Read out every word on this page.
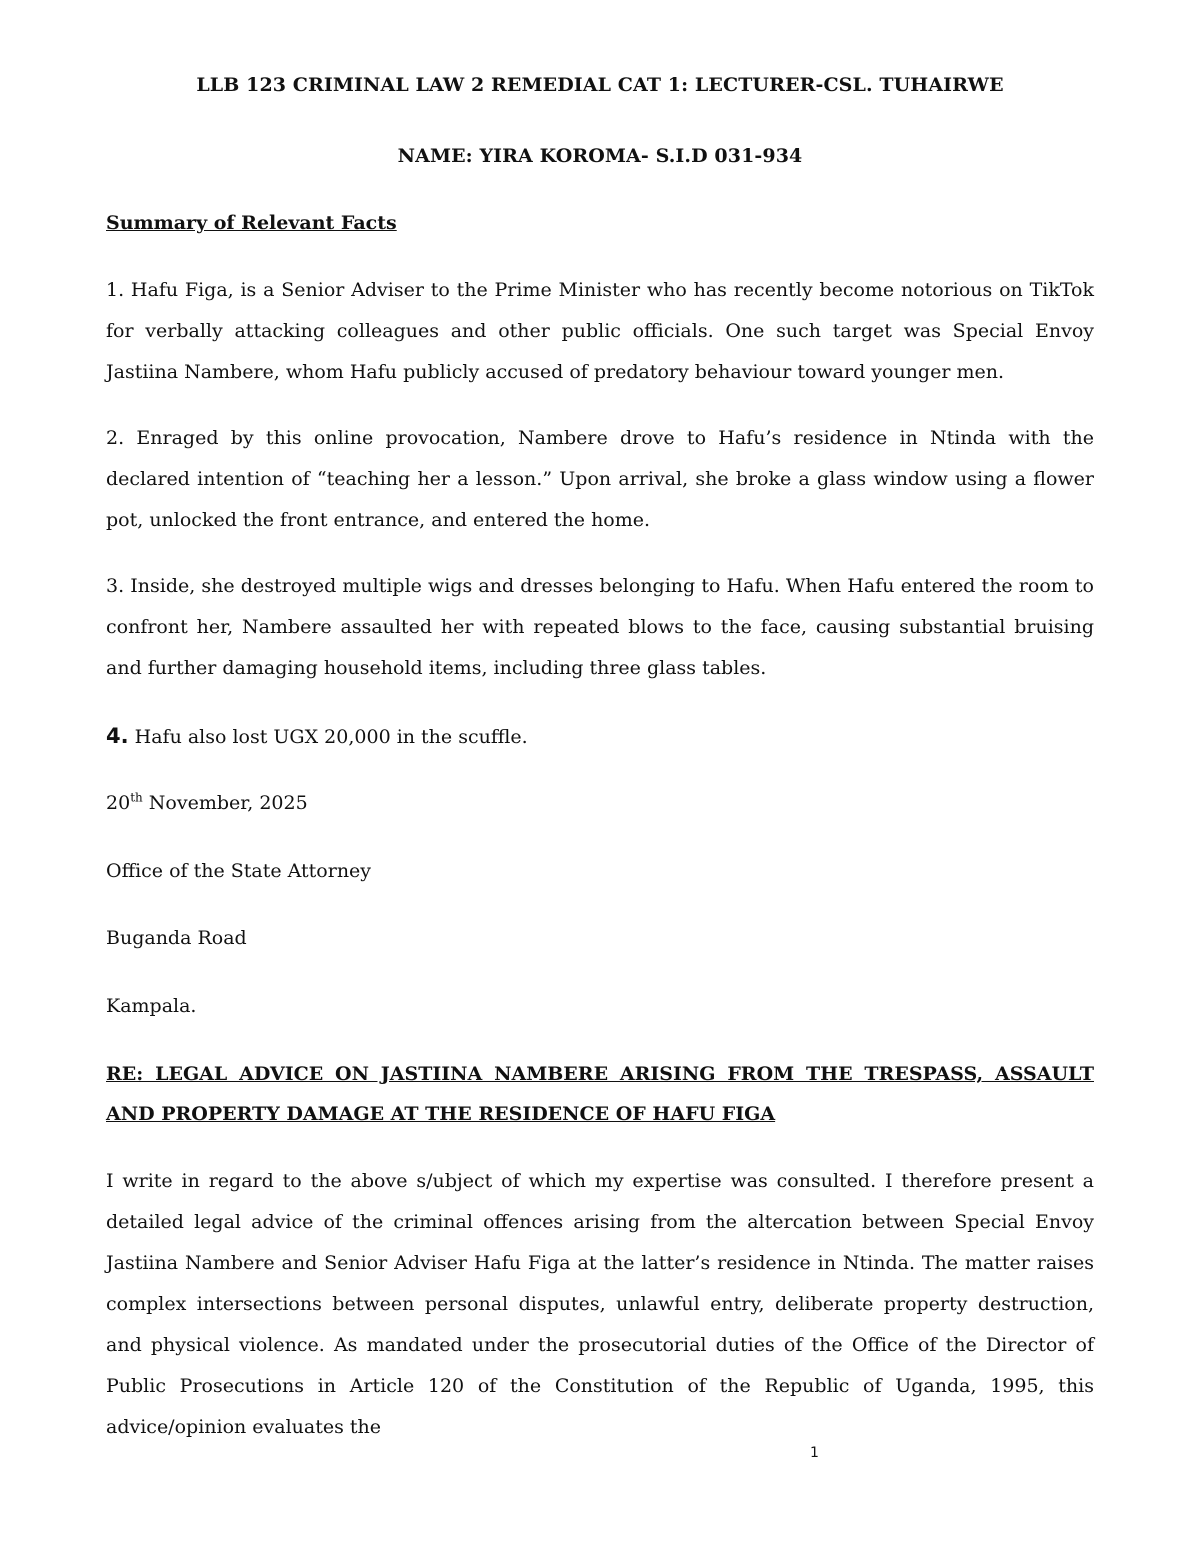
LLB 123 CRIMINAL LAW 2 REMEDIAL CAT 1: LECTURER-CSL. TUHAIRWE
NAME: YIRA KOROMA- S.I.D 031-934
Summary of Relevant Facts
1. Hafu Figa, is a Senior Adviser to the Prime Minister who has recently become notorious on TikTok for verbally attacking colleagues and other public officials. One such target was Special Envoy Jastiina Nambere, whom Hafu publicly accused of predatory behaviour toward younger men.
2. Enraged by this online provocation, Nambere drove to Hafu’s residence in Ntinda with the declared intention of “teaching her a lesson.” Upon arrival, she broke a glass window using a flower pot, unlocked the front entrance, and entered the home.
3. Inside, she destroyed multiple wigs and dresses belonging to Hafu. When Hafu entered the room to confront her, Nambere assaulted her with repeated blows to the face, causing substantial bruising and further damaging household items, including three glass tables.
4. Hafu also lost UGX 20,000 in the scuffle.
20th November, 2025
Office of the State Attorney
Buganda Road
Kampala.
RE: LEGAL ADVICE ON JASTIINA NAMBERE ARISING FROM THE TRESPASS, ASSAULT AND PROPERTY DAMAGE AT THE RESIDENCE OF HAFU FIGA
I write in regard to the above s/ubject of which my expertise was consulted. I therefore present a detailed legal advice of the criminal offences arising from the altercation between Special Envoy Jastiina Nambere and Senior Adviser Hafu Figa at the latter’s residence in Ntinda. The matter raises complex intersections between personal disputes, unlawful entry, deliberate property destruction, and physical violence. As mandated under the prosecutorial duties of the Office of the Director of Public Prosecutions in Article 120 of the Constitution of the Republic of Uganda, 1995, this advice/opinion evaluates the
1
